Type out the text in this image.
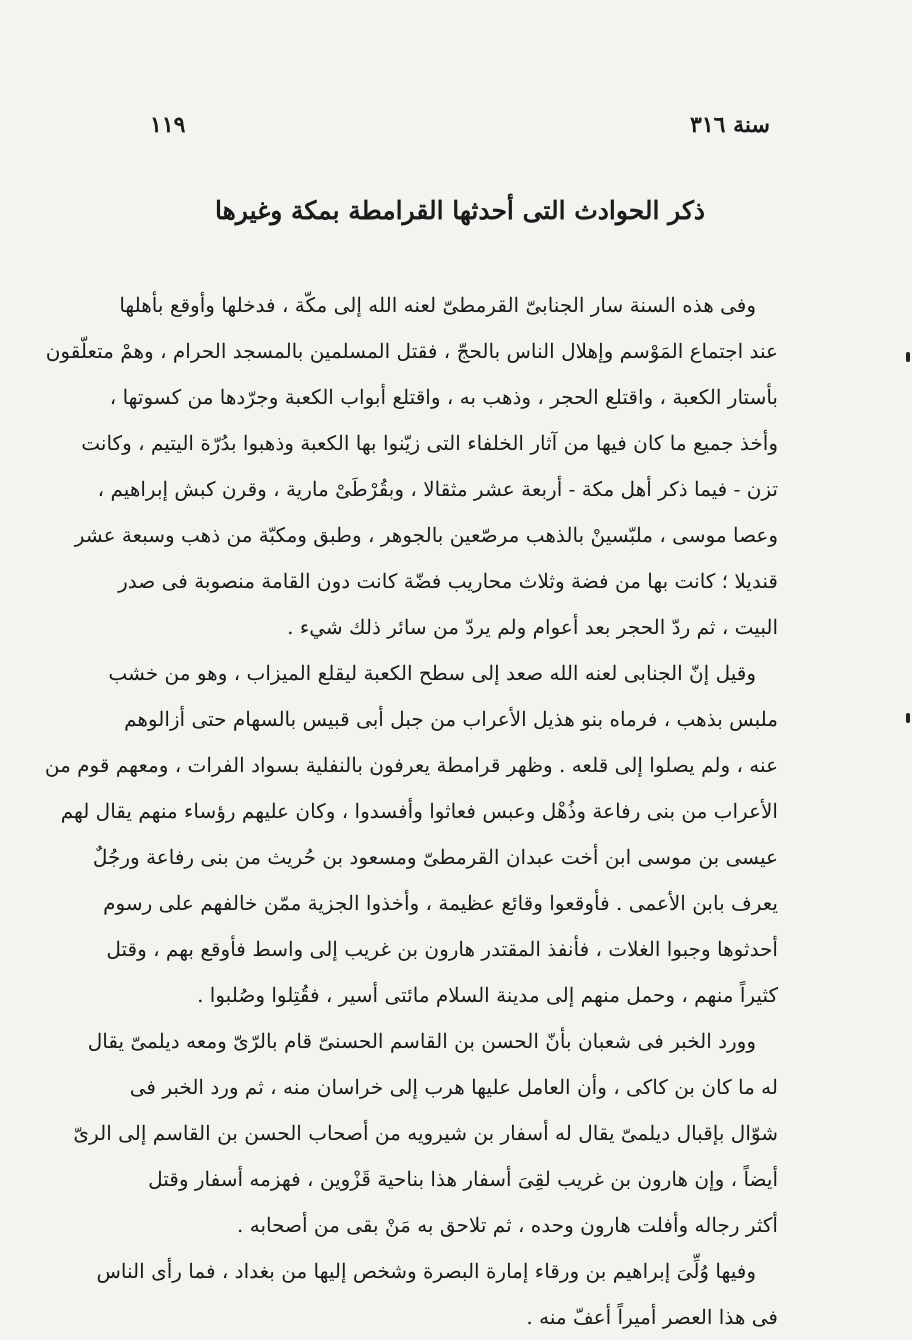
سنة ٣١٦
١١٩
ذكر الحوادث التى أحدثها القرامطة بمكة وغيرها
وفى هذه السنة سار الجنابىّ القرمطىّ لعنه الله إلى مكّة ، فدخلها وأوقع بأهلها
عند اجتماع المَوْسم وإهلال الناس بالحجّ ، فقتل المسلمين بالمسجد الحرام ، وهمْ متعلّقون
بأستار الكعبة ، واقتلع الحجر ، وذهب به ، واقتلع أبواب الكعبة وجرّدها من كسوتها ،
وأخذ جميع ما كان فيها من آثار الخلفاء التى زيّنوا بها الكعبة وذهبوا بدُرّة اليتيم ، وكانت
تزن - فيما ذكر أهل مكة - أربعة عشر مثقالا ، وبقُرْطَىْ مارية ، وقرن كبش إبراهيم ،
وعصا موسى ، ملبّسينْ بالذهب مرصّعين بالجوهر ، وطبق ومكبّة من ذهب وسبعة عشر
قنديلا ؛ كانت بها من فضة وثلاث محاريب فضّة كانت دون القامة منصوبة فى صدر
البيت ، ثم ردّ الحجر بعد أعوام ولم يردّ من سائر ذلك شيء .
وقيل إنّ الجنابى لعنه الله صعد إلى سطح الكعبة ليقلع الميزاب ، وهو من خشب
ملبس بذهب ، فرماه بنو هذيل الأعراب من جبل أبى قبيس بالسهام حتى أزالوهم
عنه ، ولم يصلوا إلى قلعه . وظهر قرامطة يعرفون بالنفلية بسواد الفرات ، ومعهم قوم من
الأعراب من بنى رفاعة وذُهْل وعبس فعاثوا وأفسدوا ، وكان عليهم رؤساء منهم يقال لهم
عيسى بن موسى ابن أخت عبدان القرمطىّ ومسعود بن حُريث من بنى رفاعة ورجُلٌ
يعرف بابن الأعمى . فأوقعوا وقائع عظيمة ، وأخذوا الجزية ممّن خالفهم على رسوم
أحدثوها وجبوا الغلات ، فأنفذ المقتدر هارون بن غريب إلى واسط فأوقع بهم ، وقتل
كثيراً منهم ، وحمل منهم إلى مدينة السلام مائتى أسير ، فقُتِلوا وصُلبوا .
وورد الخبر فى شعبان بأنّ الحسن بن القاسم الحسنىّ قام بالرّىّ ومعه ديلمىّ يقال
له ما كان بن كاكى ، وأن العامل عليها هرب إلى خراسان منه ، ثم ورد الخبر فى
شوّال بإقبال ديلمىّ يقال له أسفار بن شيرويه من أصحاب الحسن بن القاسم إلى الرىّ
أيضاً ، وإن هارون بن غريب لقِىَ أسفار هذا بناحية قَزْوين ، فهزمه أسفار وقتل
أكثر رجاله وأفلت هارون وحده ، ثم تلاحق به مَنْ بقى من أصحابه .
وفيها وُلِّىَ إبراهيم بن ورقاء إمارة البصرة وشخص إليها من بغداد ، فما رأى الناس
فى هذا العصر أميراً أعفّ منه .
